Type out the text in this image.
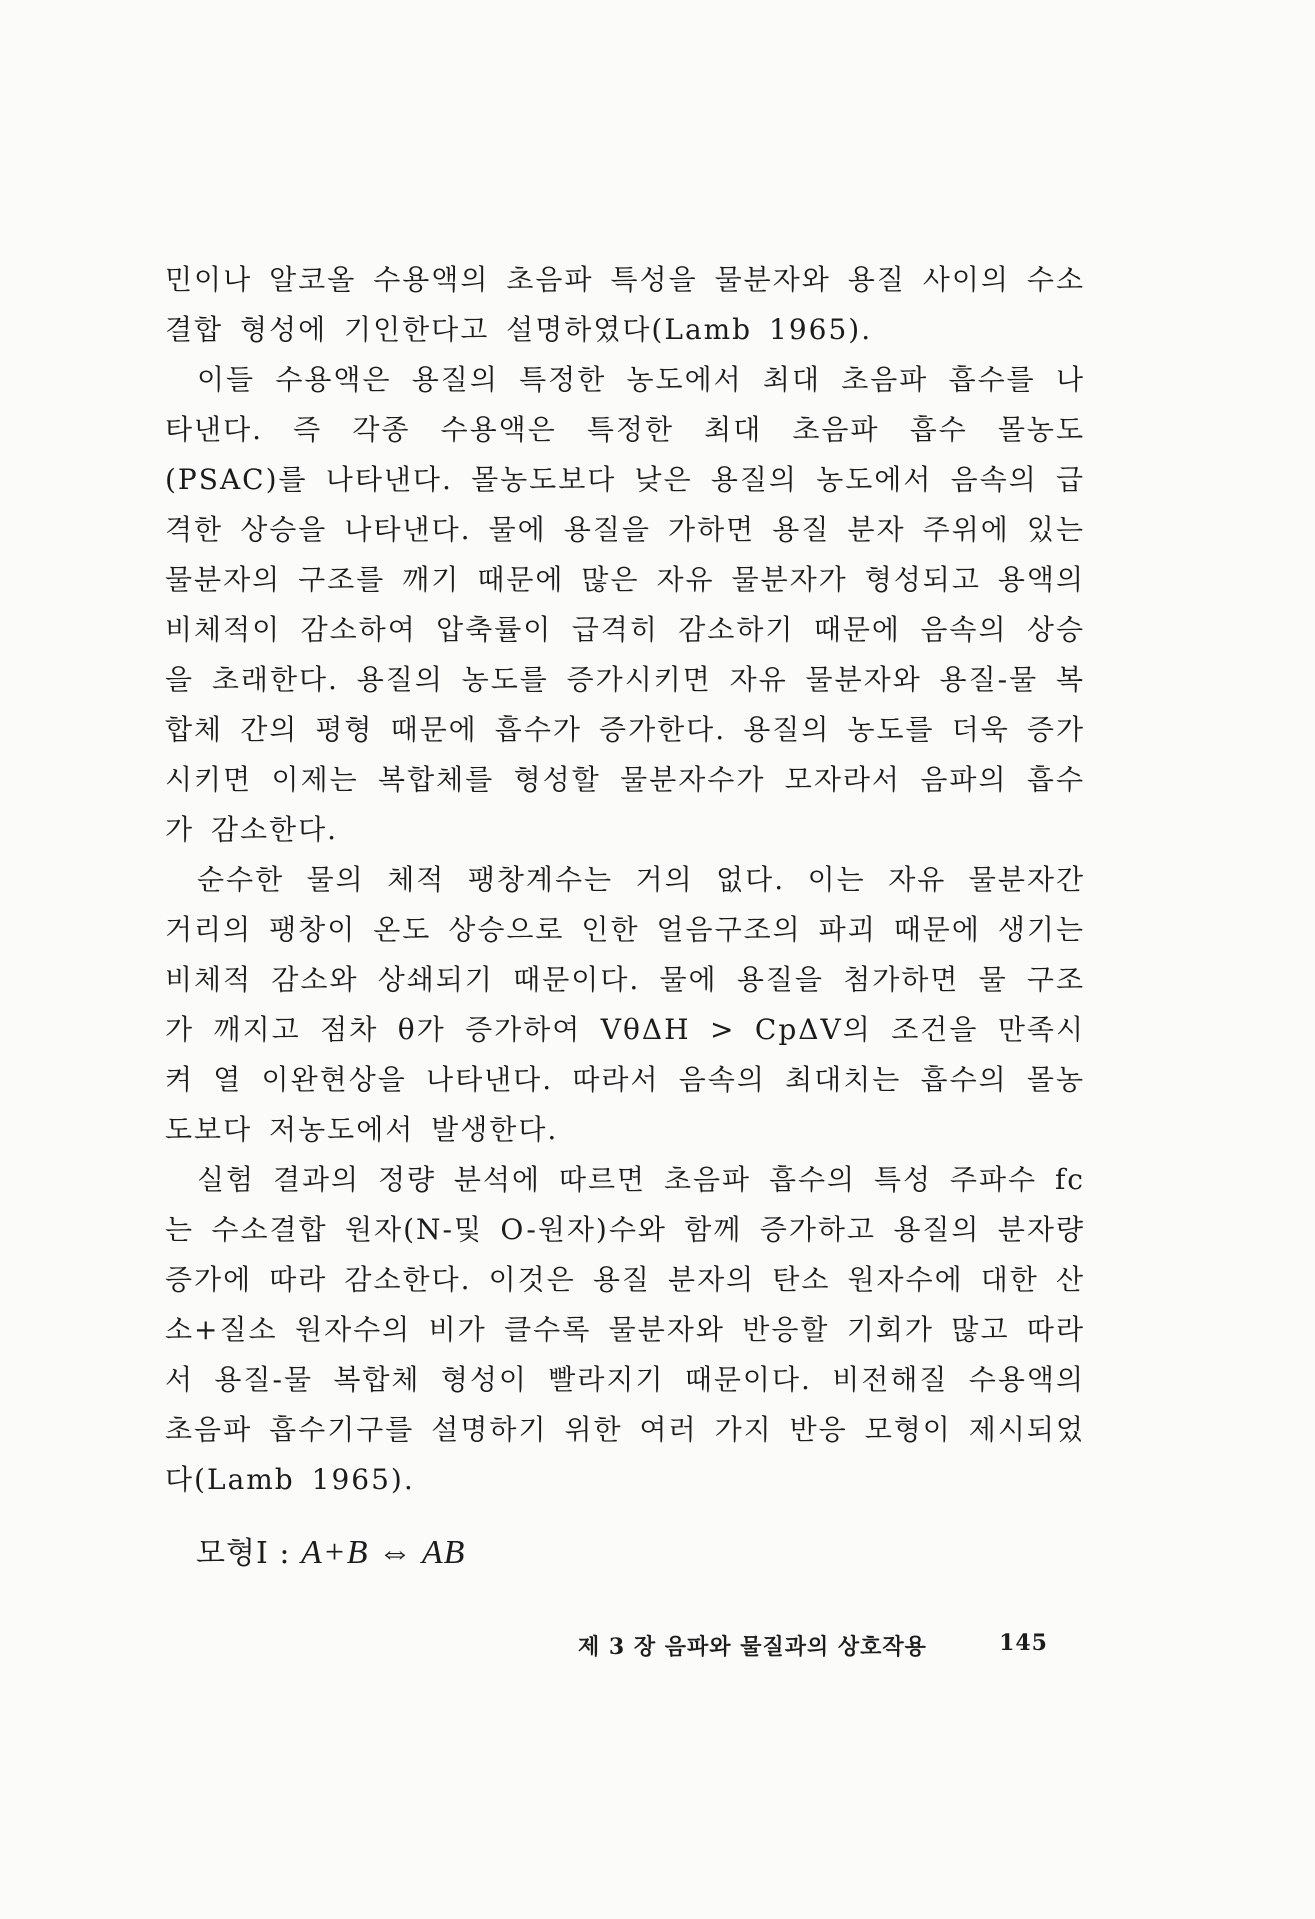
민이나 알코올 수용액의 초음파 특성을 물분자와 용질 사이의 수소결합 형성에 기인한다고 설명하였다(Lamb 1965).

이들 수용액은 용질의 특정한 농도에서 최대 초음파 흡수를 나타낸다. 즉 각종 수용액은 특정한 최대 초음파 흡수 몰농도(PSAC)를 나타낸다. 몰농도보다 낮은 용질의 농도에서 음속의 급격한 상승을 나타낸다. 물에 용질을 가하면 용질 분자 주위에 있는 물분자의 구조를 깨기 때문에 많은 자유 물분자가 형성되고 용액의 비체적이 감소하여 압축률이 급격히 감소하기 때문에 음속의 상승을 초래한다. 용질의 농도를 증가시키면 자유 물분자와 용질-물 복합체 간의 평형 때문에 흡수가 증가한다. 용질의 농도를 더욱 증가시키면 이제는 복합체를 형성할 물분자수가 모자라서 음파의 흡수가 감소한다.

순수한 물의 체적 팽창계수는 거의 없다. 이는 자유 물분자간 거리의 팽창이 온도 상승으로 인한 얼음구조의 파괴 때문에 생기는 비체적 감소와 상쇄되기 때문이다. 물에 용질을 첨가하면 물 구조가 깨지고 점차 θ가 증가하여 VθΔH > CpΔV의 조건을 만족시켜 열 이완현상을 나타낸다. 따라서 음속의 최대치는 흡수의 몰농도보다 저농도에서 발생한다.

실험 결과의 정량 분석에 따르면 초음파 흡수의 특성 주파수 fc는 수소결합 원자(N-및 O-원자)수와 함께 증가하고 용질의 분자량 증가에 따라 감소한다. 이것은 용질 분자의 탄소 원자수에 대한 산소+질소 원자수의 비가 클수록 물분자와 반응할 기회가 많고 따라서 용질-물 복합체 형성이 빨라지기 때문이다. 비전해질 수용액의 초음파 흡수기구를 설명하기 위한 여러 가지 반응 모형이 제시되었다(Lamb 1965).

모형Ⅰ : A+B ⇔ AB
제 3 장 음파와 물질과의 상호작용	145
